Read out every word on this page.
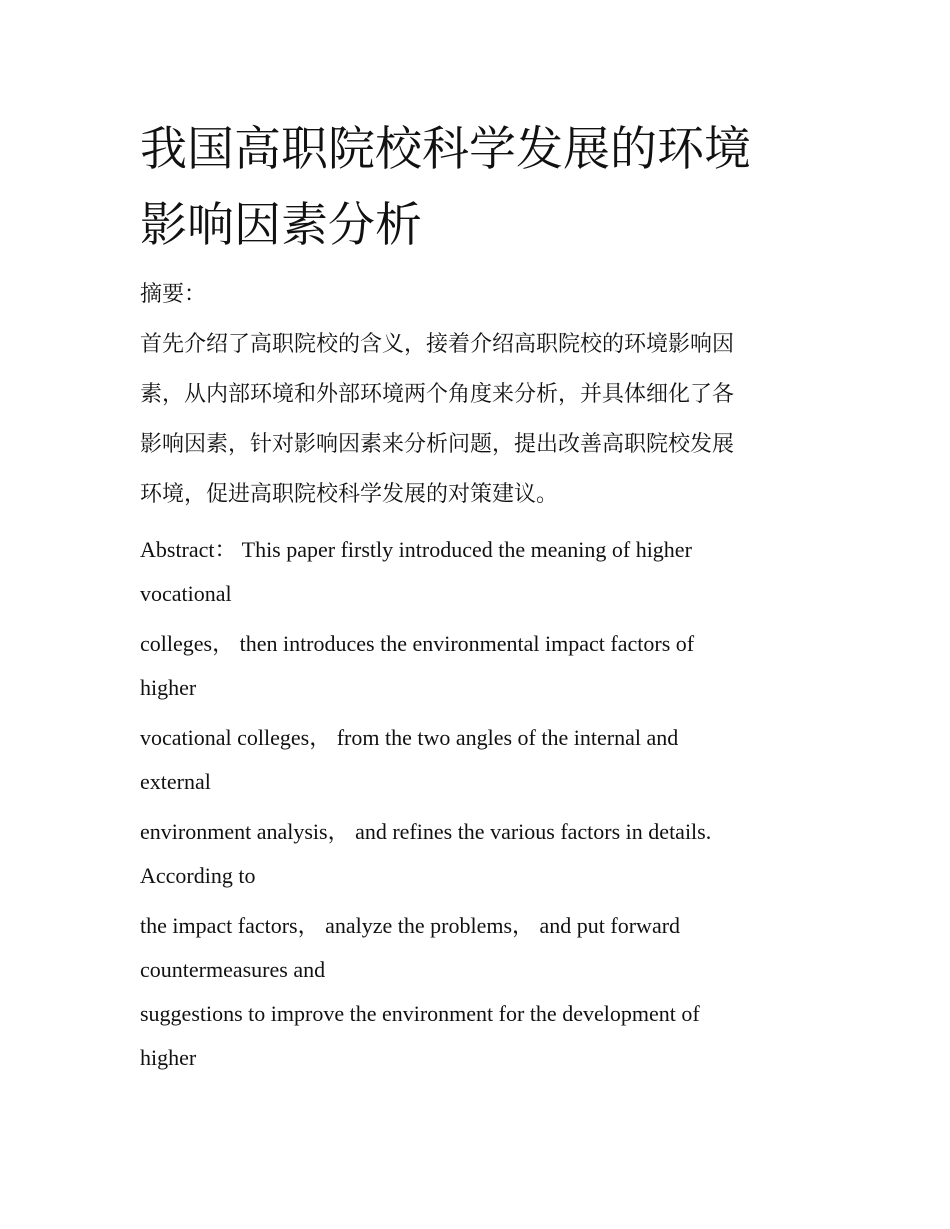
我国高职院校科学发展的环境
影响因素分析
摘要：
首先介绍了高职院校的含义，接着介绍高职院校的环境影响因
素，从内部环境和外部环境两个角度来分析，并具体细化了各
影响因素，针对影响因素来分析问题，提出改善高职院校发展
环境，促进高职院校科学发展的对策建议。
Abstract： This paper firstly introduced the meaning of higher
vocational
colleges， then introduces the environmental impact factors of
higher
vocational colleges， from the two angles of the internal and
external
environment analysis， and refines the various factors in details.
According to
the impact factors， analyze the problems， and put forward
countermeasures and
suggestions to improve the environment for the development of
higher
